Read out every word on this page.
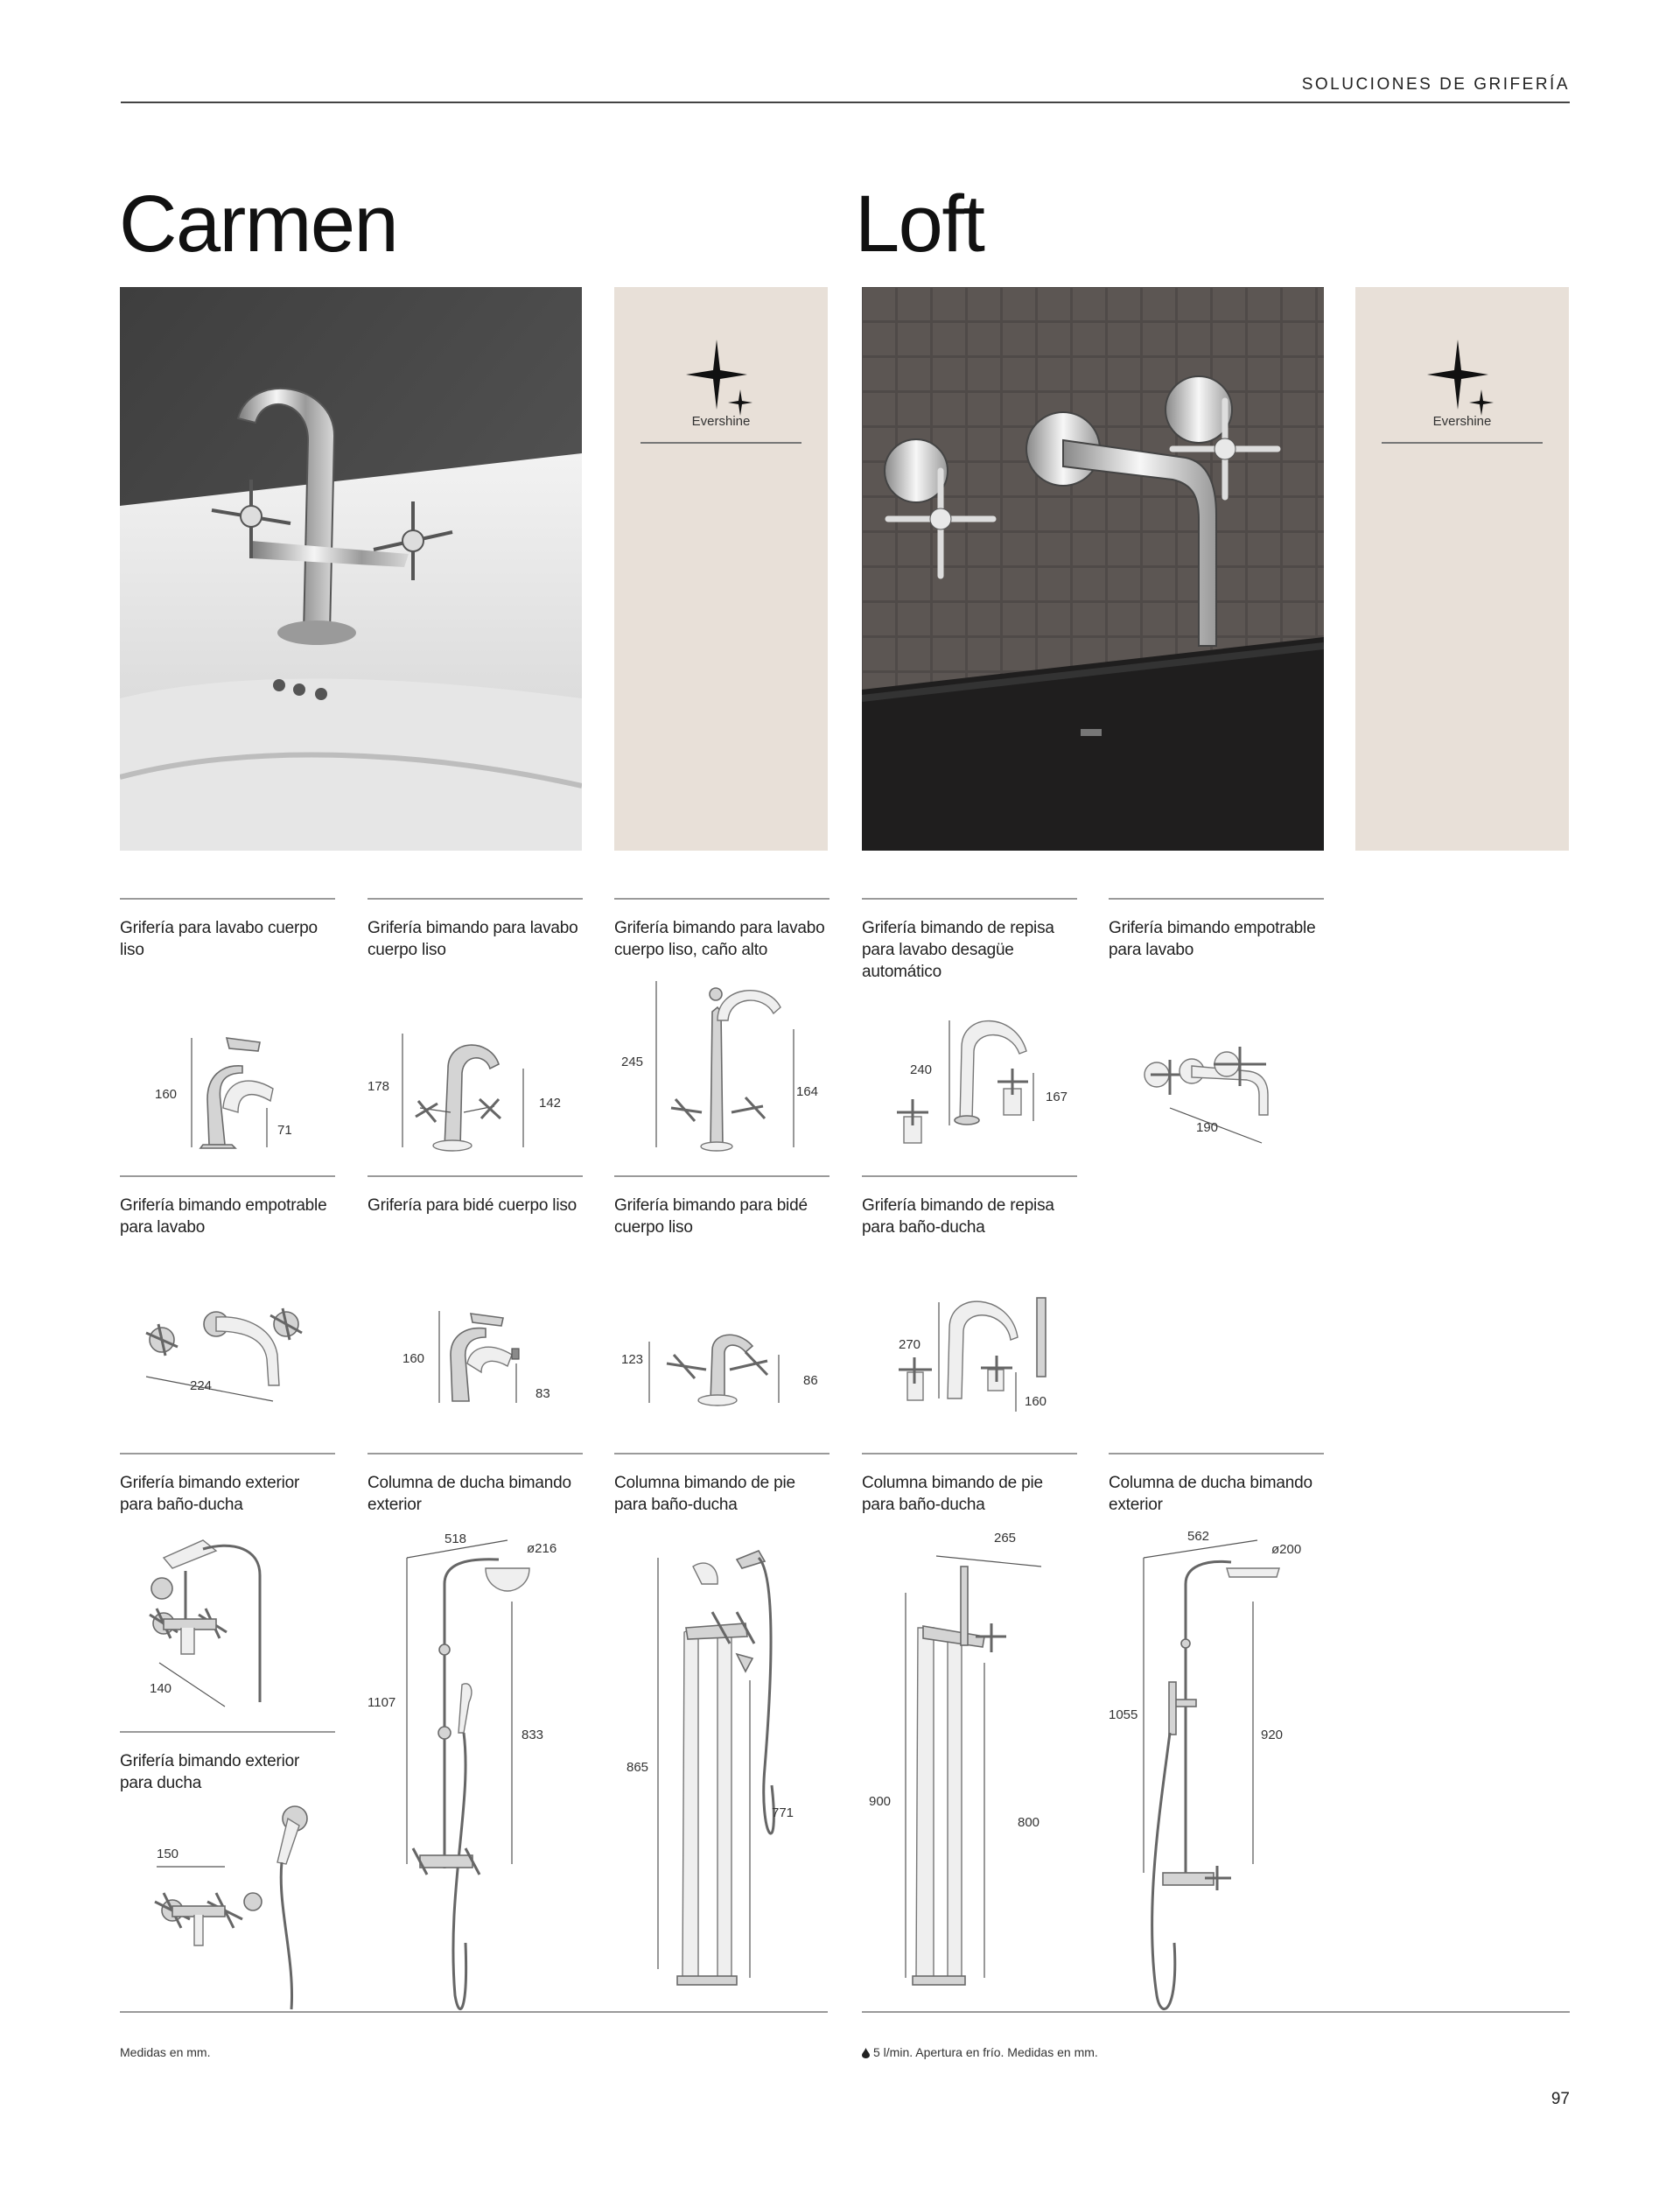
SOLUCIONES DE GRIFERÍA
Carmen	Loft
Evershine	Evershine
Grifería para lavabo cuerpo liso
160
71
Grifería bimando para lavabo cuerpo liso
178
142
Grifería bimando para lavabo cuerpo liso, caño alto
245
164
Grifería bimando empotrable para lavabo
224
Grifería para bidé cuerpo liso
160
83
Grifería bimando para bidé cuerpo liso
123
86
Grifería bimando exterior para baño-ducha
140
Columna de ducha bimando exterior
518
ø216
1107
833
Columna bimando de pie para baño-ducha
865
771
Grifería bimando exterior para ducha
150
Grifería bimando de repisa para lavabo desagüe automático
240
167
Grifería bimando empotrable para lavabo
190
Grifería bimando de repisa para baño-ducha
270
160
Columna bimando de pie para baño-ducha
265
900
800
Columna de ducha bimando exterior
562
ø200
1055
920
Medidas en mm.	5 l/min. Apertura en frío. Medidas en mm.
97
